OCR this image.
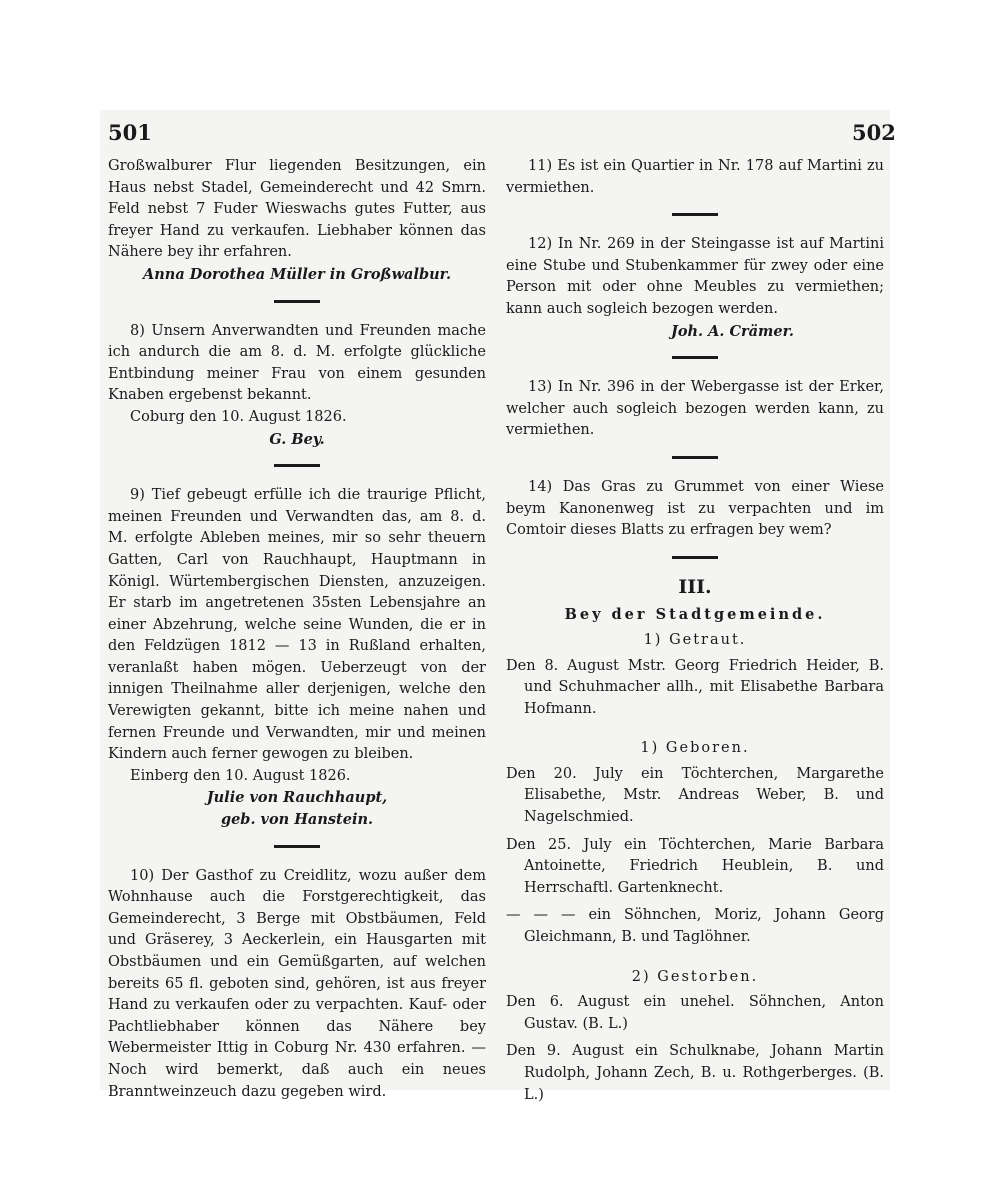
501	502

Großwalburer Flur liegenden Besitzungen, ein Haus nebst Stadel, Gemeinderecht und 42 Smrn. Feld nebst 7 Fuder Wieswachs gutes Futter, aus freyer Hand zu verkaufen. Liebhaber können das Nähere bey ihr erfahren.

Anna Dorothea Müller in Großwalbur.

8) Unsern Anverwandten und Freunden mache ich andurch die am 8. d. M. erfolgte glückliche Entbindung meiner Frau von einem gesunden Knaben ergebenst bekannt.

Coburg den 10. August 1826.

G. Bey.

9) Tief gebeugt erfülle ich die traurige Pflicht, meinen Freunden und Verwandten das, am 8. d. M. erfolgte Ableben meines, mir so sehr theuern Gatten, Carl von Rauchhaupt, Hauptmann in Königl. Würtembergischen Diensten, anzuzeigen. Er starb im angetretenen 35sten Lebensjahre an einer Abzehrung, welche seine Wunden, die er in den Feldzügen 1812 — 13 in Rußland erhalten, veranlaßt haben mögen. Ueberzeugt von der innigen Theilnahme aller derjenigen, welche den Verewigten gekannt, bitte ich meine nahen und fernen Freunde und Verwandten, mir und meinen Kindern auch ferner gewogen zu bleiben.

Einberg den 10. August 1826.

Julie von Rauchhaupt,

geb. von Hanstein.

10) Der Gasthof zu Creidlitz, wozu außer dem Wohnhause auch die Forstgerechtigkeit, das Gemeinderecht, 3 Berge mit Obstbäumen, Feld und Gräserey, 3 Aeckerlein, ein Hausgarten mit Obstbäumen und ein Gemüßgarten, auf welchen bereits 65 fl. geboten sind, gehören, ist aus freyer Hand zu verkaufen oder zu verpachten. Kauf- oder Pachtliebhaber können das Nähere bey Webermeister Ittig in Coburg Nr. 430 erfahren. — Noch wird bemerkt, daß auch ein neues Branntweinzeuch dazu gegeben wird.

11) Es ist ein Quartier in Nr. 178 auf Martini zu vermiethen.

12) In Nr. 269 in der Steingasse ist auf Martini eine Stube und Stubenkammer für zwey oder eine Person mit oder ohne Meubles zu vermiethen; kann auch sogleich bezogen werden.

Joh. A. Crämer.

13) In Nr. 396 in der Webergasse ist der Erker, welcher auch sogleich bezogen werden kann, zu vermiethen.

14) Das Gras zu Grummet von einer Wiese beym Kanonenweg ist zu verpachten und im Comtoir dieses Blatts zu erfragen bey wem?

III.

Bey der Stadtgemeinde.

1) Getraut.

Den 8. August Mstr. Georg Friedrich Heider, B. und Schuhmacher allh., mit Elisabethe Barbara Hofmann.

1) Geboren.

Den 20. July ein Töchterchen, Margarethe Elisabethe, Mstr. Andreas Weber, B. und Nagelschmied.

Den 25. July ein Töchterchen, Marie Barbara Antoinette, Friedrich Heublein, B. und Herrschaftl. Gartenknecht.

— — — ein Söhnchen, Moriz, Johann Georg Gleichmann, B. und Taglöhner.

2) Gestorben.

Den 6. August ein unehel. Söhnchen, Anton Gustav. (B. L.)

Den 9. August ein Schulknabe, Johann Martin Rudolph, Johann Zech, B. u. Rothgerberges. (B. L.)
